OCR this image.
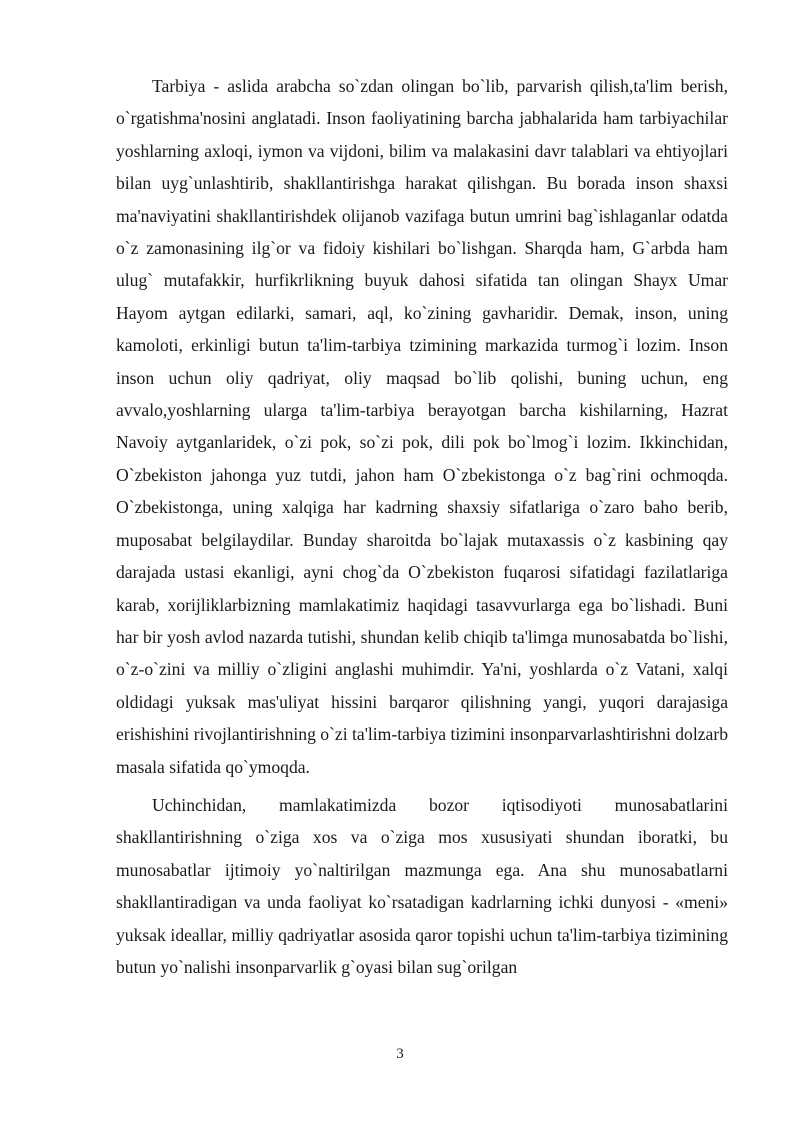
Tarbiya - aslida arabcha so`zdan olingan bo`lib, parvarish qilish,ta'lim berish, o`rgatishma'nosini anglatadi. Inson faoliyatining barcha jabhalarida ham tarbiyachilar yoshlarning axloqi, iymon va vijdoni, bilim va malakasini davr talablari va ehtiyojlari bilan uyg`unlashtirib, shakllantirishga harakat qilishgan. Bu borada inson shaxsi ma'naviyatini shakllantirishdek olijanob vazifaga butun umrini bag`ishlaganlar odatda o`z zamonasining ilg`or va fidoiy kishilari bo`lishgan. Sharqda ham, G`arbda ham ulug` mutafakkir, hurfikrlikning buyuk dahosi sifatida tan olingan Shayx Umar Hayom aytgan edilarki, samari, aql, ko`zining gavharidir. Demak, inson, uning kamoloti, erkinligi butun ta'lim-tarbiya tzimining markazida turmog`i lozim. Inson inson uchun oliy qadriyat, oliy maqsad bo`lib qolishi, buning uchun, eng avvalo,yoshlarning ularga ta'lim-tarbiya berayotgan barcha kishilarning, Hazrat Navoiy aytganlaridek, o`zi pok, so`zi pok, dili pok bo`lmog`i lozim. Ikkinchidan, O`zbekiston jahonga yuz tutdi, jahon ham O`zbekistonga o`z bag`rini ochmoqda. O`zbekistonga, uning xalqiga har kadrning shaxsiy sifatlariga o`zaro baho berib, muposabat belgilaydilar. Bunday sharoitda bo`lajak mutaxassis o`z kasbining qay darajada ustasi ekanligi, ayni chog`da O`zbekiston fuqarosi sifatidagi fazilatlariga karab, xorijliklarbizning mamlakatimiz haqidagi tasavvurlarga ega bo`lishadi. Buni har bir yosh avlod nazarda tutishi, shundan kelib chiqib ta'limga munosabatda bo`lishi, o`z-o`zini va milliy o`zligini anglashi muhimdir. Ya'ni, yoshlarda o`z Vatani, xalqi oldidagi yuksak mas'uliyat hissini barqaror qilishning yangi, yuqori darajasiga erishishini rivojlantirishning o`zi ta'lim-tarbiya tizimini insonparvarlashtirishni dolzarb masala sifatida qo`ymoqda.

Uchinchidan, mamlakatimizda bozor iqtisodiyoti munosabatlarini shakllantirishning o`ziga xos va o`ziga mos xususiyati shundan iboratki, bu munosabatlar ijtimoiy yo`naltirilgan mazmunga ega. Ana shu munosabatlarni shakllantiradigan va unda faoliyat ko`rsatadigan kadrlarning ichki dunyosi - «meni» yuksak ideallar, milliy qadriyatlar asosida qaror topishi uchun ta'lim-tarbiya tizimining butun yo`nalishi insonparvarlik g`oyasi bilan sug`orilgan

3
